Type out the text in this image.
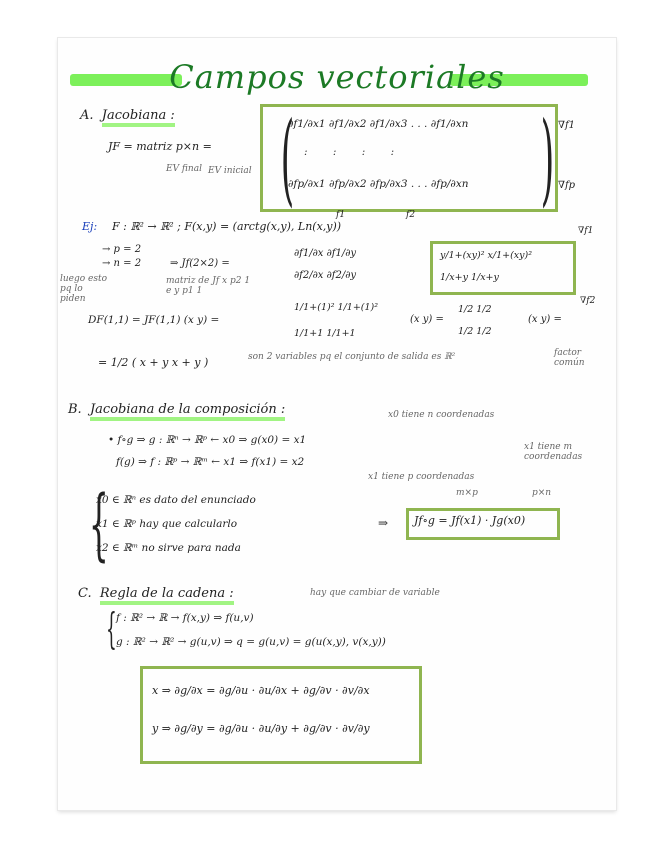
Campos vectoriales
A. Jacobiana :
JF = matriz p×n =
EV final EV inicial ( )
∂f1/∂x1 ∂f1/∂x2 ∂f1/∂x3 . . . ∂f1/∂xn
: : : :
∂fp/∂x1 ∂fp/∂x2 ∂fp/∂x3 . . . ∂fp/∂xn
∇f1
∇fp
f1	f2
Ej: F : ℝ² → ℝ² ; F(x,y) = (arctg(x,y), Ln(x,y))
→ p = 2
→ n = 2	⇒ Jf(2×2) =
∂f1/∂x ∂f1/∂y
∂f2/∂x ∂f2/∂y
y/1+(xy)² x/1+(xy)²
1/x+y 1/x+y
∇f1
∇f2
luego esto pq lo piden
matriz de Jf x p2 1 e y p1 1
DF(1,1) = JF(1,1) (x y) =
1/1+(1)² 1/1+(1)²
1/1+1 1/1+1
(x y) =
1/2 1/2
1/2 1/2
(x y) =
= 1/2 ( x + y x + y )	son 2 variables pq el conjunto de salida es ℝ²	factor común
B. Jacobiana de la composición :	x0 tiene n coordenadas
• f∘g ⇒ g : ℝⁿ → ℝᵖ ← x0 ⇒ g(x0) = x1
f(g) ⇒ f : ℝᵖ → ℝᵐ ← x1 ⇒ f(x1) = x2
x1 tiene m coordenadas
x1 tiene p coordenadas
{
x0 ∈ ℝⁿ es dato del enunciado
x1 ∈ ℝᵖ hay que calcularlo
x2 ∈ ℝᵐ no sirve para nada
⇒
m×p	p×n
Jf∘g = Jf(x1) · Jg(x0)
C. Regla de la cadena :	hay que cambiar de variable
{ f : ℝ² → ℝ → f(x,y) ⇒ f(u,v)
g : ℝ² → ℝ² → g(u,v) ⇒ q = g(u,v) = g(u(x,y), v(x,y))
x ⇒ ∂g/∂x = ∂g/∂u · ∂u/∂x + ∂g/∂v · ∂v/∂x
y ⇒ ∂g/∂y = ∂g/∂u · ∂u/∂y + ∂g/∂v · ∂v/∂y
